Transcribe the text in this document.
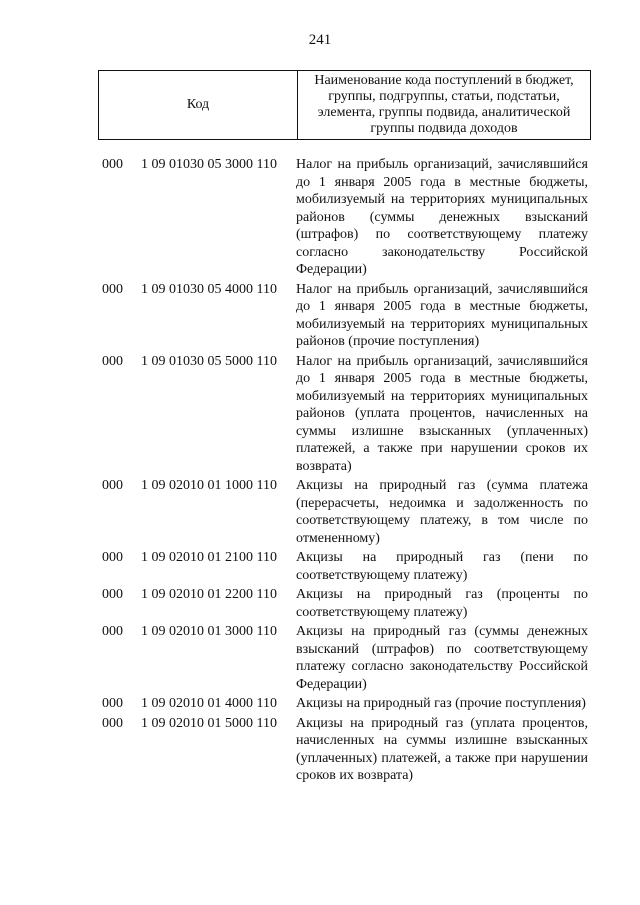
241
Код
Наименование кода поступлений в бюджет, группы, подгруппы, статьи, подстатьи, элемента, группы подвида, аналитической группы подвида доходов
000 1 09 01030 05 3000 110 Налог на прибыль организаций, зачислявшийся до 1 января 2005 года в местные бюджеты, мобилизуемый на территориях муниципальных районов (суммы денежных взысканий (штрафов) по соответствующему платежу согласно законодательству Российской Федерации)
000 1 09 01030 05 4000 110 Налог на прибыль организаций, зачислявшийся до 1 января 2005 года в местные бюджеты, мобилизуемый на территориях муниципальных районов (прочие поступления)
000 1 09 01030 05 5000 110 Налог на прибыль организаций, зачислявшийся до 1 января 2005 года в местные бюджеты, мобилизуемый на территориях муниципальных районов (уплата процентов, начисленных на суммы излишне взысканных (уплаченных) платежей, а также при нарушении сроков их возврата)
000 1 09 02010 01 1000 110 Акцизы на природный газ (сумма платежа (перерасчеты, недоимка и задолженность по соответствующему платежу, в том числе по отмененному)
000 1 09 02010 01 2100 110 Акцизы на природный газ (пени по соответствующему платежу)
000 1 09 02010 01 2200 110 Акцизы на природный газ (проценты по соответствующему платежу)
000 1 09 02010 01 3000 110 Акцизы на природный газ (суммы денежных взысканий (штрафов) по соответствующему платежу согласно законодательству Российской Федерации)
000 1 09 02010 01 4000 110 Акцизы на природный газ (прочие поступления)
000 1 09 02010 01 5000 110 Акцизы на природный газ (уплата процентов, начисленных на суммы излишне взысканных (уплаченных) платежей, а также при нарушении сроков их возврата)
